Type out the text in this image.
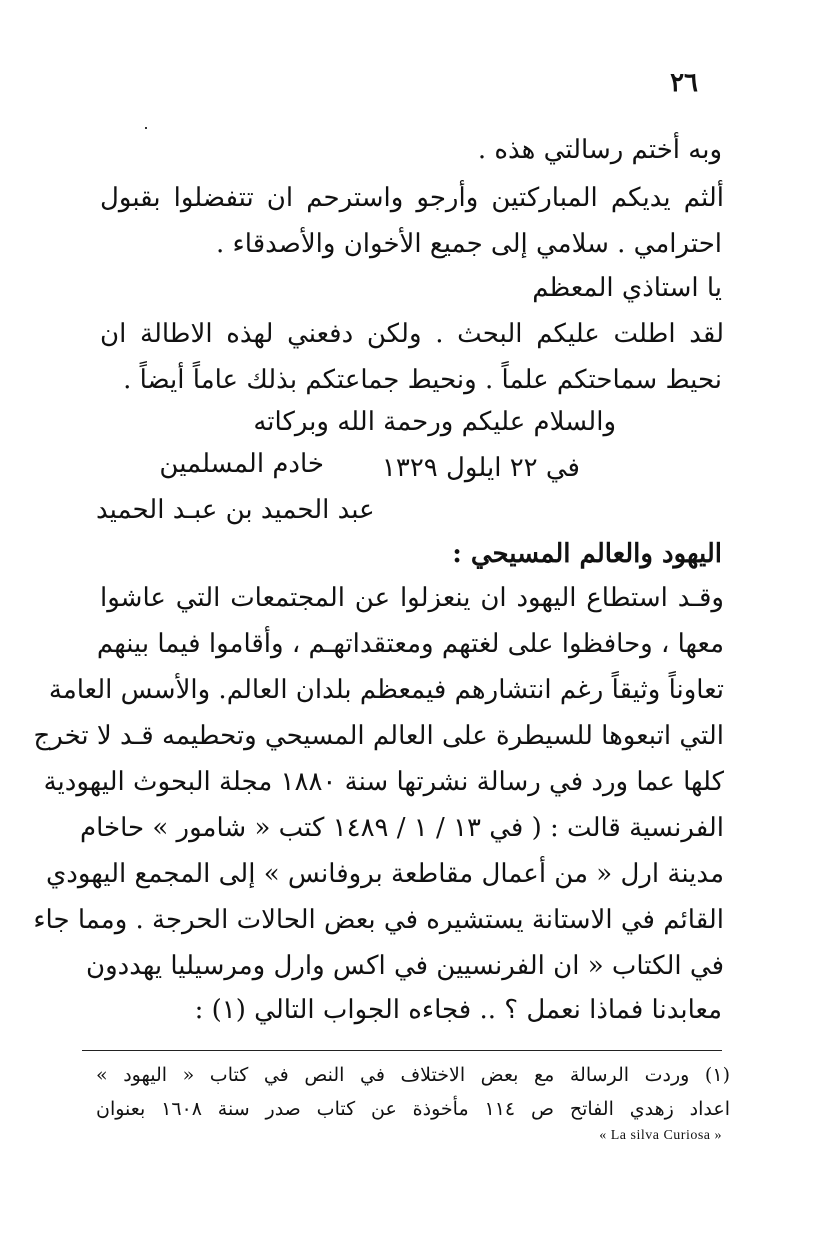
٢٦
وبه أختم رسالتي هذه .
ألثم يديكم المباركتين وأرجو واسترحم ان تتفضلوا بقبول
احترامي . سلامي إلى جميع الأخوان والأصدقاء .
يا استاذي المعظم
لقد اطلت عليكم البحث . ولكن دفعني لهذه الاطالة ان
نحيط سماحتكم علماً . ونحيط جماعتكم بذلك عاماً أيضاً .
والسلام عليكم ورحمة الله وبركاته
في ٢٢ ايلول ١٣٢٩
خادم المسلمين
عبد الحميد بن عبـد الحميد
اليهود والعالم المسيحي :
وقـد استطاع اليهود ان ينعزلوا عن المجتمعات التي عاشوا
معها ، وحافظوا على لغتهم ومعتقداتهـم ، وأقاموا فيما بينهم
تعاوناً وثيقاً رغم انتشارهم فيمعظم بلدان العالم. والأسس العامة
التي اتبعوها للسيطرة على العالم المسيحي وتحطيمه قـد لا تخرج
كلها عما ورد في رسالة نشرتها سنة ١٨٨٠ مجلة البحوث اليهودية
الفرنسية قالت : ( في ١٣ / ١ / ١٤٨٩ كتب « شامور » حاخام
مدينة ارل « من أعمال مقاطعة بروفانس » إلى المجمع اليهودي
القائم في الاستانة يستشيره في بعض الحالات الحرجة . ومما جاء
في الكتاب « ان الفرنسيين في اكس وارل ومرسيليا يهددون
معابدنا فماذا نعمل ؟ .. فجاءه الجواب التالي (١) :
(١) وردت الرسالة مع بعض الاختلاف في النص في كتاب « اليهود »
اعداد زهدي الفاتح ص ١١٤ مأخوذة عن كتاب صدر سنة ١٦٠٨ بعنوان
« La silva Curiosa »
